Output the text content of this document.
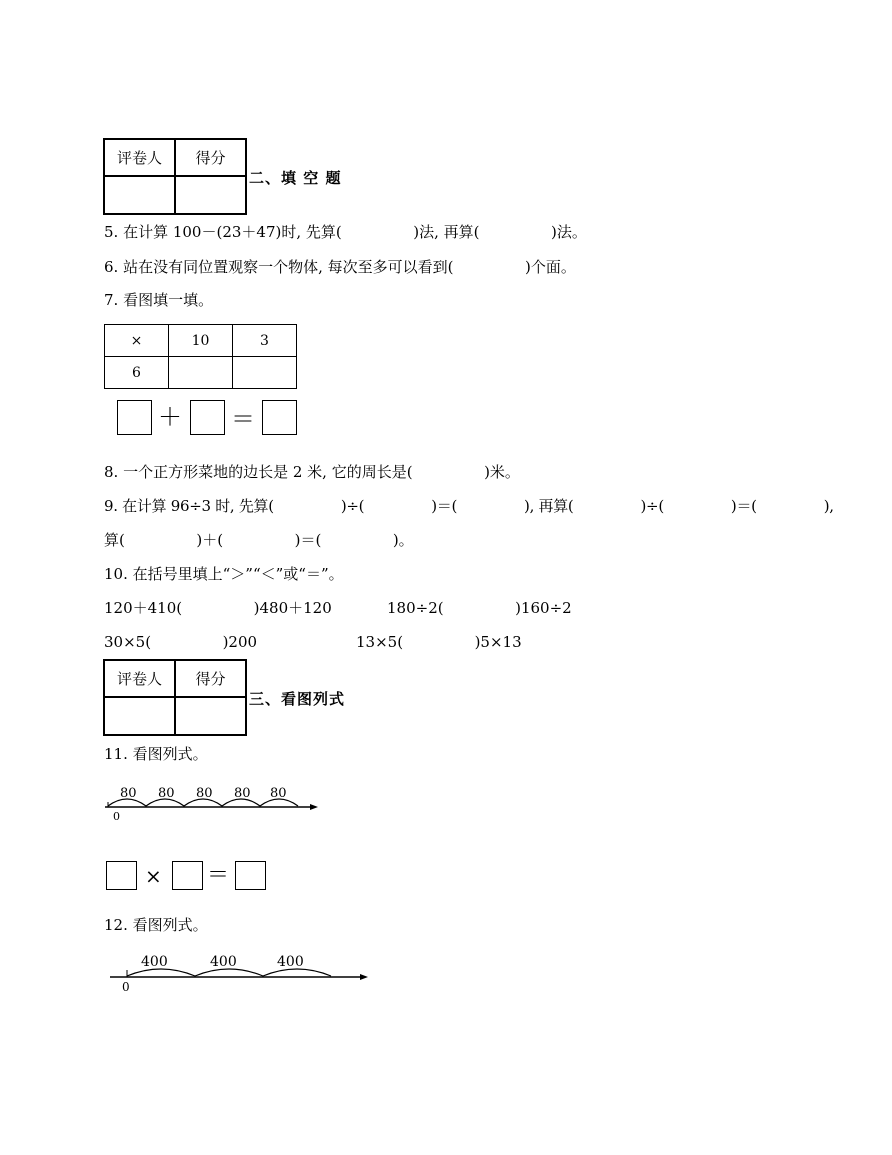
评卷人	得分

二、填 空 题
5. 在计算 100－(23＋47)时, 先算(               )法, 再算(               )法。
6. 站在没有同位置观察一个物体, 每次至多可以看到(               )个面。
7. 看图填一填。
×	10	3
6		
＋ ＝
8. 一个正方形菜地的边长是 2 米, 它的周长是(               )米。
9. 在计算 96÷3 时, 先算(               )÷(               )＝(               ), 再算(               )÷(               )＝(               ),
算(               )＋(               )＝(               )。
10. 在括号里填上“＞”“＜”或“＝”。
120＋410(               )480＋120	180÷2(               )160÷2
30×5(               )200	13×5(               )5×13
评卷人	得分

三、看图列式
11. 看图列式。
0
80 80 80 80 80
× ＝
12. 看图列式。
0
400	400	400
